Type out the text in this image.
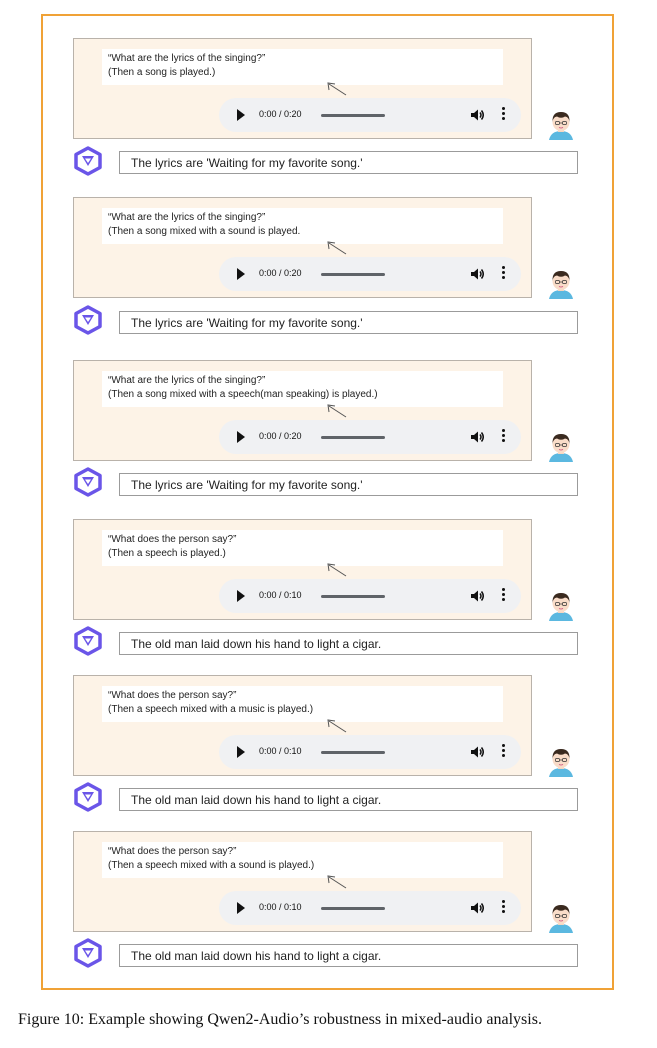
“What are the lyrics of the singing?”
(Then a song is played.)
0:00 / 0:20
The lyrics are 'Waiting for my favorite song.'
“What are the lyrics of the singing?”
(Then a song mixed with a sound is played.
0:00 / 0:20
The lyrics are 'Waiting for my favorite song.'
“What are the lyrics of the singing?”
(Then a song mixed with a speech(man speaking) is played.)
0:00 / 0:20
The lyrics are 'Waiting for my favorite song.'
“What does the person say?”
(Then a speech is played.)
0:00 / 0:10
The old man laid down his hand to light a cigar.
“What does the person say?”
(Then a speech mixed with a music is played.)
0:00 / 0:10
The old man laid down his hand to light a cigar.
“What does the person say?”
(Then a speech mixed with a sound is played.)
0:00 / 0:10
The old man laid down his hand to light a cigar.
Figure 10: Example showing Qwen2-Audio’s robustness in mixed-audio analysis.
